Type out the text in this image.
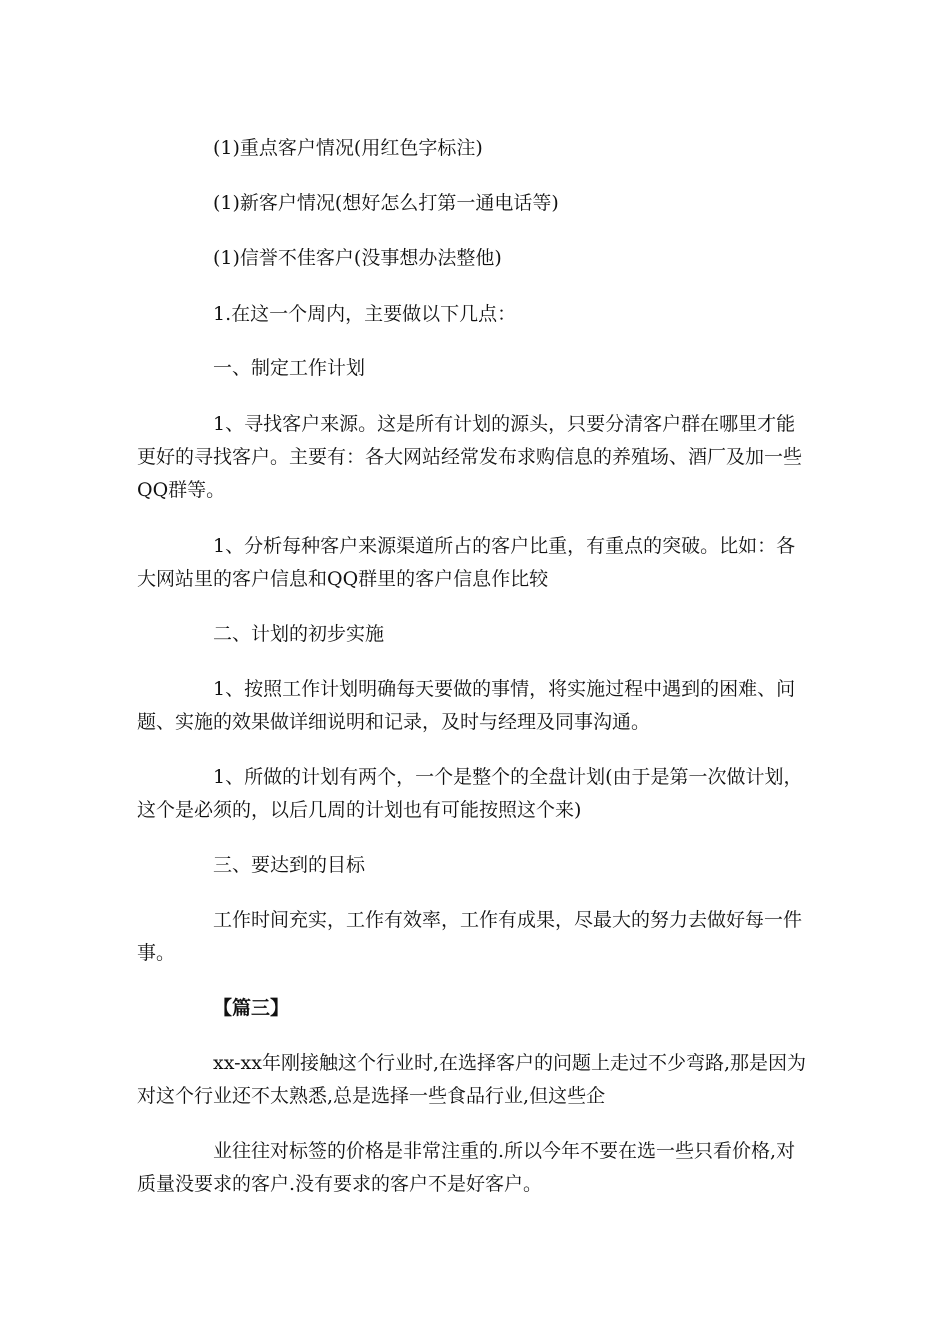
(1)重点客户情况(用红色字标注)

(1)新客户情况(想好怎么打第一通电话等)

(1)信誉不佳客户(没事想办法整他)

1.在这一个周内，主要做以下几点：

一、制定工作计划

1、寻找客户来源。这是所有计划的源头，只要分清客户群在哪里才能更好的寻找客户。主要有：各大网站经常发布求购信息的养殖场、酒厂及加一些QQ群等。

1、分析每种客户来源渠道所占的客户比重，有重点的突破。比如：各大网站里的客户信息和QQ群里的客户信息作比较

二、计划的初步实施

1、按照工作计划明确每天要做的事情，将实施过程中遇到的困难、问题、实施的效果做详细说明和记录，及时与经理及同事沟通。

1、所做的计划有两个，一个是整个的全盘计划(由于是第一次做计划，这个是必须的，以后几周的计划也有可能按照这个来)

三、要达到的目标

工作时间充实，工作有效率，工作有成果，尽最大的努力去做好每一件事。

【篇三】

xx-xx年刚接触这个行业时,在选择客户的问题上走过不少弯路,那是因为对这个行业还不太熟悉,总是选择一些食品行业,但这些企

业往往对标签的价格是非常注重的.所以今年不要在选一些只看价格,对质量没要求的客户.没有要求的客户不是好客户。
